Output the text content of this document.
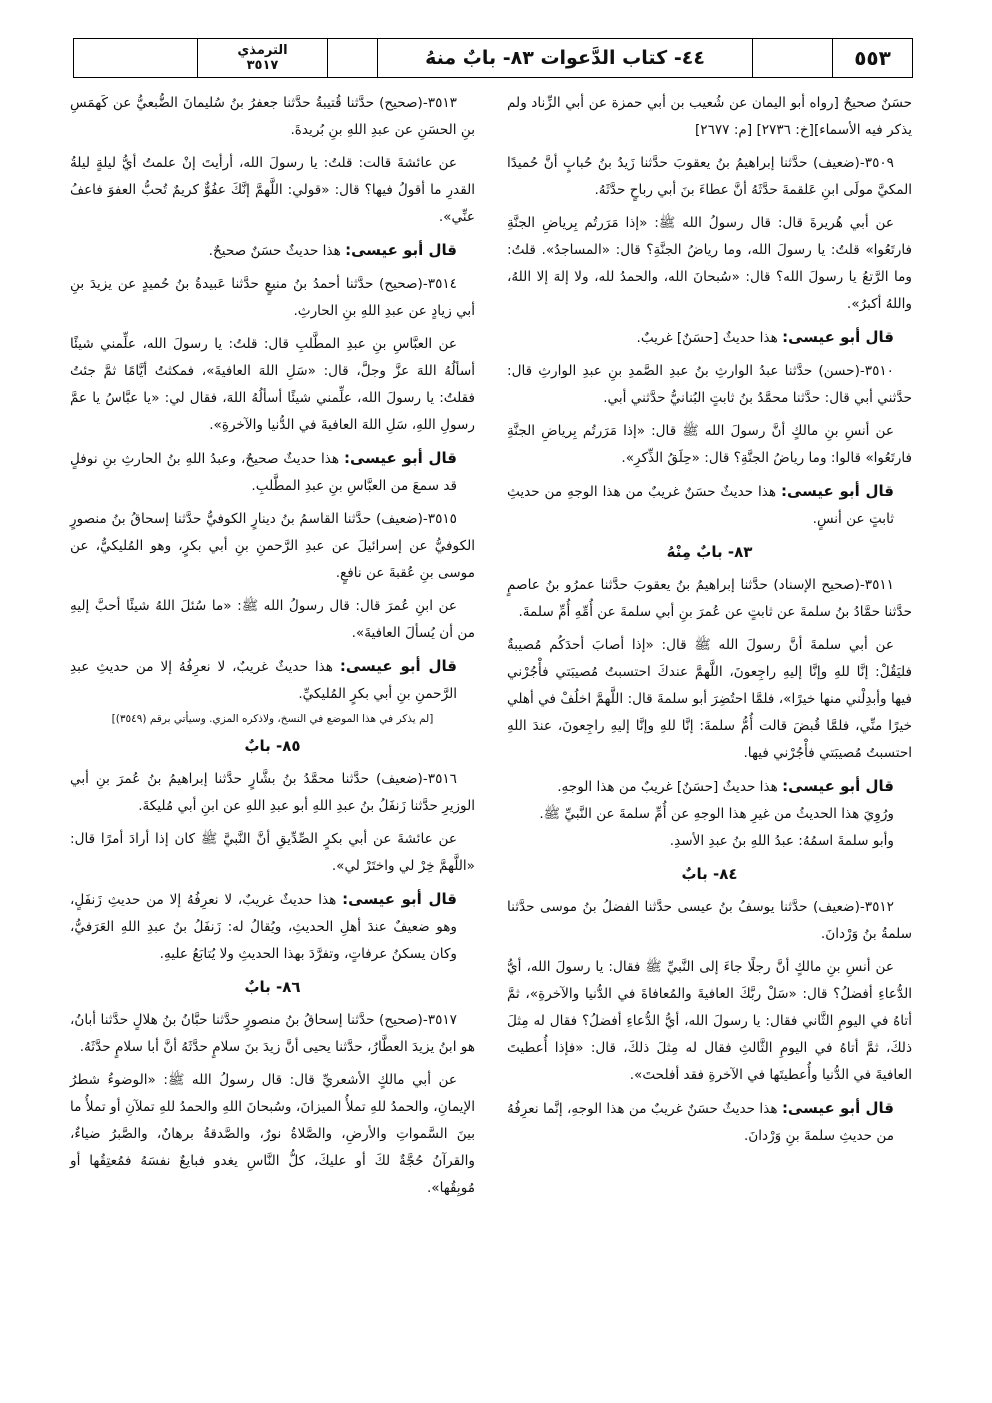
٥٥٣
٤٤- كتاب الدَّعوات ٨٣- بابٌ منهُ
الترمذي
٣٥١٧

حسَنٌ صحيحٌ [رواه أبو اليمان عن شُعيب بن أبي حمزة عن أبي الزِّناد ولم يذكر فيه الأسماء][خ: ٢٧٣٦] [م: ٢٦٧٧]

٣٥٠٩-(ضعيف) حدَّثنا إبراهيمُ بنُ يعقوبَ حدَّثنا زَيدُ بنُ حُبابٍ أنَّ حُميدًا المكيَّ مولَى ابنِ عَلقمةَ حدَّثَهُ أنَّ عطاءَ بنَ أبي رباحٍ حدَّثَهُ.

عن أبي هُريرةَ قال: قال رسولُ الله ﷺ: «إذا مَرَرتُم بِرياضِ الجنَّةِ فارتَعُوا» قلتُ: يا رسولَ الله، وما رياضُ الجنَّةِ؟ قال: «المساجدُ». قلتُ: وما الرَّتعُ يا رسولَ الله؟ قال: «سُبحانَ الله، والحمدُ لله، ولا إلهَ إلا اللهُ، واللهُ أكبرُ».

قال أبو عيسى: هذا حديثٌ [حسَنٌ] غريبٌ.

٣٥١٠-(حسن) حدَّثنا عبدُ الوارثِ بنُ عبدِ الصَّمدِ بنِ عبدِ الوارثِ قال: حدَّثني أبي قال: حدَّثنا محمَّدُ بنُ ثابتٍ البُنانيُّ حدَّثني أبي.

عن أنسِ بنِ مالكٍ أنَّ رسولَ الله ﷺ قال: «إذا مَرَرتُم بِرياضِ الجنَّةِ فارتَعُوا» قالوا: وما رياضُ الجنَّةِ؟ قال: «حِلَقُ الذِّكرِ».

قال أبو عيسى: هذا حديثٌ حسَنٌ غريبٌ من هذا الوجهِ من حديثِ ثابتٍ عن أنسٍ.

٨٣- بابٌ مِنْهُ

٣٥١١-(صحيح الإسناد) حدَّثنا إبراهيمُ بنُ يعقوبَ حدَّثنا عمرُو بنُ عاصمٍ حدَّثنا حمَّادُ بنُ سلمةَ عن ثابتٍ عن عُمرَ بنِ أبي سلمةَ عن أُمِّهِ أُمِّ سلمةَ.

عن أبي سلمةَ أنَّ رسولَ الله ﷺ قال: «إذا أصابَ أحدَكُم مُصيبةٌ فليَقُلْ: إنَّا للهِ وإنَّا إليهِ راجِعونَ، اللَّهمَّ عندكَ احتسبتُ مُصيبَتي فأْجُرْني فيها وأبدِلْني منها خيرًا»، فلمَّا احتُضِرَ أبو سلمةَ قال: اللَّهمَّ اخلُفْ في أهلي خيرًا منِّي، فلمَّا قُبضَ قالت أُمُّ سلمةَ: إنَّا للهِ وإنَّا إليهِ راجِعونَ، عندَ اللهِ احتسبتُ مُصيبَتي فأْجُرْني فيها.

قال أبو عيسى: هذا حديثٌ [حسَنٌ] غريبٌ من هذا الوجهِ.

ورُوِيَ هذا الحديثُ من غيرِ هذا الوجهِ عن أُمِّ سلمةَ عن النَّبيِّ ﷺ.

وأبو سلمةَ اسمُهُ: عبدُ اللهِ بنُ عبدِ الأسدِ.

٨٤- بابٌ

٣٥١٢-(ضعيف) حدَّثنا يوسفُ بنُ عيسى حدَّثنا الفضلُ بنُ موسى حدَّثنا سلمةُ بنُ وَرْدانَ.

عن أنسِ بنِ مالكٍ أنَّ رجلًا جاءَ إلى النَّبيِّ ﷺ فقال: يا رسولَ الله، أيُّ الدُّعاءِ أفضلُ؟ قال: «سَلْ ربَّكَ العافيةَ والمُعافاةَ في الدُّنيا والآخرةِ»، ثمَّ أتاهُ في اليومِ الثَّاني فقال: يا رسولَ الله، أيُّ الدُّعاءِ أفضلُ؟ فقال له مِثلَ ذلكَ، ثمَّ أتاهُ في اليومِ الثَّالثِ فقال له مِثلَ ذلكَ، قال: «فإذا أُعطيتَ العافيةَ في الدُّنيا وأُعطيتَها في الآخرةِ فقد أفلحتَ».

قال أبو عيسى: هذا حديثٌ حسَنٌ غريبٌ من هذا الوجهِ، إنَّما نعرِفُهُ من حديثِ سلمةَ بنِ وَرْدانَ.

٣٥١٣-(صحيح) حدَّثنا قُتيبةُ حدَّثنا جعفرُ بنُ سُليمانَ الضُّبعيُّ عن كَهمَسِ بنِ الحسَنِ عن عبدِ اللهِ بنِ بُريدةَ.

عن عائشةَ قالت: قلتُ: يا رسولَ الله، أرأيتَ إنْ علمتُ أيُّ ليلةٍ ليلةُ القدرِ ما أقولُ فيها؟ قال: «قولي: اللَّهمَّ إنَّكَ عفُوٌّ كريمٌ تُحبُّ العفوَ فاعفُ عنِّي».

قال أبو عيسى: هذا حديثٌ حسَنٌ صحيحٌ.

٣٥١٤-(صحيح) حدَّثنا أحمدُ بنُ منيعٍ حدَّثنا عَبيدةُ بنُ حُميدٍ عن يزيدَ بنِ أبي زيادٍ عن عبدِ اللهِ بنِ الحارثِ.

عن العبَّاسِ بنِ عبدِ المطَّلبِ قال: قلتُ: يا رسولَ الله، علِّمني شيئًا أسألُهُ اللهَ عزَّ وجلَّ، قال: «سَلِ اللهَ العافيةَ»، فمكثتُ أيَّامًا ثمَّ جئتُ فقلتُ: يا رسولَ الله، علِّمني شيئًا أسألُهُ اللهَ، فقال لي: «يا عبَّاسُ يا عمَّ رسولِ اللهِ، سَلِ اللهَ العافيةَ في الدُّنيا والآخرةِ».

قال أبو عيسى: هذا حديثٌ صحيحٌ، وعبدُ اللهِ بنُ الحارثِ بنِ نوفلٍ قد سمعَ من العبَّاسِ بنِ عبدِ المطَّلبِ.

٣٥١٥-(ضعيف) حدَّثنا القاسمُ بنُ دينارٍ الكوفيُّ حدَّثنا إسحاقُ بنُ منصورٍ الكوفيُّ عن إسرائيلَ عن عبدِ الرَّحمنِ بنِ أبي بكرٍ، وهو المُليكيُّ، عن موسى بنِ عُقبةَ عن نافعٍ.

عن ابنِ عُمرَ قال: قال رسولُ الله ﷺ: «ما سُئلَ اللهُ شيئًا أحبَّ إليهِ من أن يُسألَ العافيةَ».

قال أبو عيسى: هذا حديثٌ غريبٌ، لا نعرِفُهُ إلا من حديثِ عبدِ الرَّحمنِ بنِ أبي بكرٍ المُليكيِّ.

[لم يذكر في هذا الموضع في النسخ، ولاذكره المزي. وسيأتي برقم (٣٥٤٩)]

٨٥- بابٌ

٣٥١٦-(ضعيف) حدَّثنا محمَّدُ بنُ بشَّارٍ حدَّثنا إبراهيمُ بنُ عُمرَ بنِ أبي الوزيرِ حدَّثنا زَنفَلُ بنُ عبدِ اللهِ أبو عبدِ اللهِ عن ابنِ أبي مُليكةَ.

عن عائشةَ عن أبي بكرٍ الصِّدِّيقِ أنَّ النَّبيَّ ﷺ كان إذا أرادَ أمرًا قال: «اللَّهمَّ خِرْ لي واختَرْ لي».

قال أبو عيسى: هذا حديثٌ غريبٌ، لا نعرِفُهُ إلا من حديثِ زَنفَلٍ، وهو ضعيفٌ عندَ أهلِ الحديثِ، ويُقالُ له: زَنفَلُ بنُ عبدِ اللهِ العَرَفيُّ، وكان يسكنُ عرفاتٍ، وتفرَّدَ بهذا الحديثِ ولا يُتابَعُ عليهِ.

٨٦- بابٌ

٣٥١٧-(صحيح) حدَّثنا إسحاقُ بنُ منصورٍ حدَّثنا حبَّانُ بنُ هلالٍ حدَّثنا أبانُ، هو ابنُ يزيدَ العطَّارُ، حدَّثنا يحيى أنَّ زيدَ بنَ سلامٍ حدَّثَهُ أنَّ أبا سلامٍ حدَّثَهُ.

عن أبي مالكٍ الأشعريِّ قال: قال رسولُ الله ﷺ: «الوضوءُ شطرُ الإيمانِ، والحمدُ للهِ تملأُ الميزانَ، وسُبحانَ اللهِ والحمدُ للهِ تملآنِ أو تملأُ ما بينَ السَّمواتِ والأرضِ، والصَّلاةُ نورٌ، والصَّدقةُ برهانٌ، والصَّبرُ ضياءٌ، والقرآنُ حُجَّةٌ لكَ أو عليكَ، كلُّ النَّاسِ يغدو فبايعٌ نفسَهُ فمُعتِقُها أو مُوبِقُها».
